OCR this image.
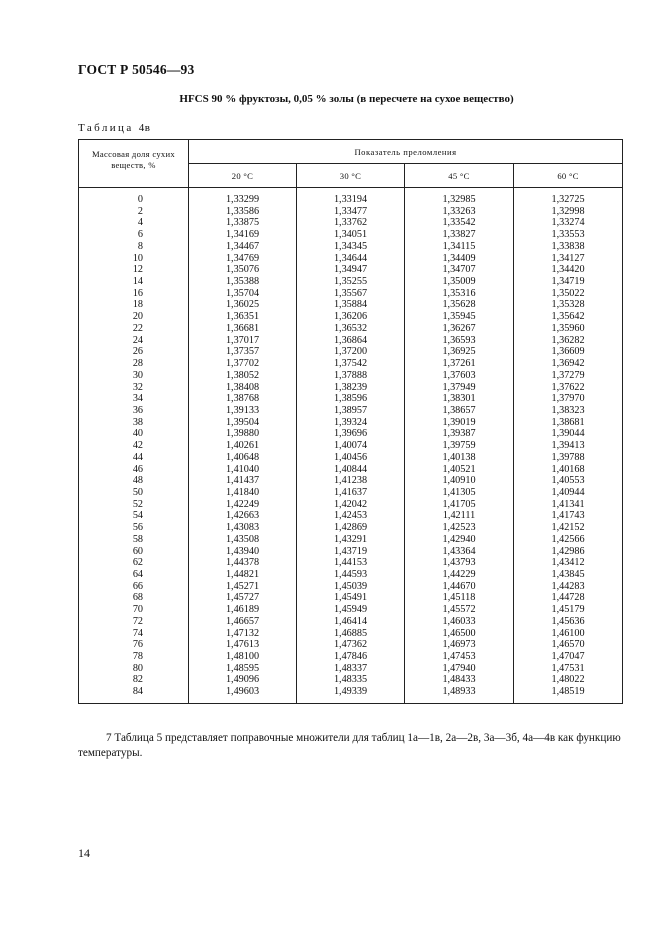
ГОСТ Р 50546—93
HFCS 90 % фруктозы, 0,05 % золы (в пересчете на сухое вещество)
Таблица 4в
Массовая доля сухих веществ, %	Показатель преломления			
	20 °С	30 °С	45 °С	60 °С
0	1,33299	1,33194	1,32985	1,32725
2	1,33586	1,33477	1,33263	1,32998
4	1,33875	1,33762	1,33542	1,33274
6	1,34169	1,34051	1,33827	1,33553
8	1,34467	1,34345	1,34115	1,33838
10	1,34769	1,34644	1,34409	1,34127
12	1,35076	1,34947	1,34707	1,34420
14	1,35388	1,35255	1,35009	1,34719
16	1,35704	1,35567	1,35316	1,35022
18	1,36025	1,35884	1,35628	1,35328
20	1,36351	1,36206	1,35945	1,35642
22	1,36681	1,36532	1,36267	1,35960
24	1,37017	1,36864	1,36593	1,36282
26	1,37357	1,37200	1,36925	1,36609
28	1,37702	1,37542	1,37261	1,36942
30	1,38052	1,37888	1,37603	1,37279
32	1,38408	1,38239	1,37949	1,37622
34	1,38768	1,38596	1,38301	1,37970
36	1,39133	1,38957	1,38657	1,38323
38	1,39504	1,39324	1,39019	1,38681
40	1,39880	1,39696	1,39387	1,39044
42	1,40261	1,40074	1,39759	1,39413
44	1,40648	1,40456	1,40138	1,39788
46	1,41040	1,40844	1,40521	1,40168
48	1,41437	1,41238	1,40910	1,40553
50	1,41840	1,41637	1,41305	1,40944
52	1,42249	1,42042	1,41705	1,41341
54	1,42663	1,42453	1,42111	1,41743
56	1,43083	1,42869	1,42523	1,42152
58	1,43508	1,43291	1,42940	1,42566
60	1,43940	1,43719	1,43364	1,42986
62	1,44378	1,44153	1,43793	1,43412
64	1,44821	1,44593	1,44229	1,43845
66	1,45271	1,45039	1,44670	1,44283
68	1,45727	1,45491	1,45118	1,44728
70	1,46189	1,45949	1,45572	1,45179
72	1,46657	1,46414	1,46033	1,45636
74	1,47132	1,46885	1,46500	1,46100
76	1,47613	1,47362	1,46973	1,46570
78	1,48100	1,47846	1,47453	1,47047
80	1,48595	1,48337	1,47940	1,47531
82	1,49096	1,48335	1,48433	1,48022
84	1,49603	1,49339	1,48933	1,48519
7 Таблица 5 представляет поправочные множители для таблиц 1а—1в, 2а—2в, 3а—3б, 4а—4в как функцию температуры.
14
